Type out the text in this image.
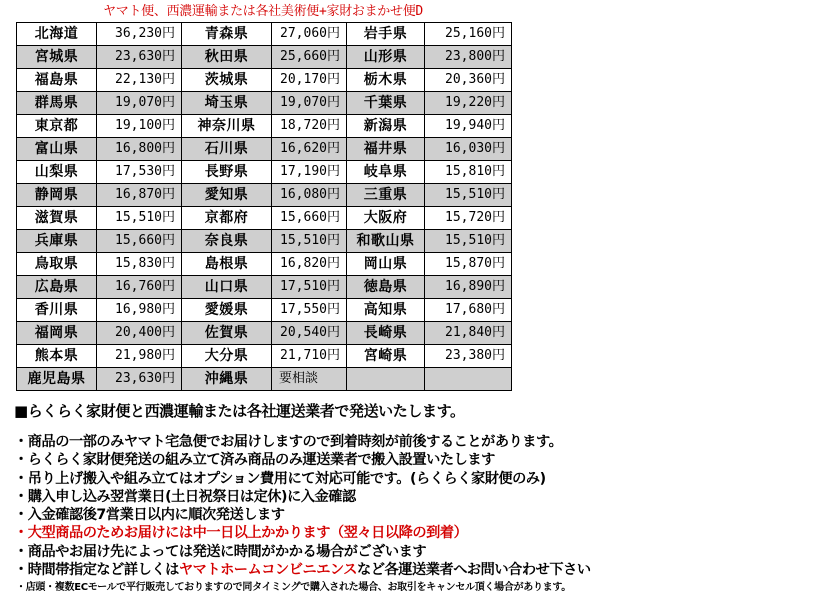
ヤマト便、西濃運輸または各社美術便+家財おまかせ便D
北海道	36,230円	青森県	27,060円	岩手県	25,160円
宮城県	23,630円	秋田県	25,660円	山形県	23,800円
福島県	22,130円	茨城県	20,170円	栃木県	20,360円
群馬県	19,070円	埼玉県	19,070円	千葉県	19,220円
東京都	19,100円	神奈川県	18,720円	新潟県	19,940円
富山県	16,800円	石川県	16,620円	福井県	16,030円
山梨県	17,530円	長野県	17,190円	岐阜県	15,810円
静岡県	16,870円	愛知県	16,080円	三重県	15,510円
滋賀県	15,510円	京都府	15,660円	大阪府	15,720円
兵庫県	15,660円	奈良県	15,510円	和歌山県	15,510円
鳥取県	15,830円	島根県	16,820円	岡山県	15,870円
広島県	16,760円	山口県	17,510円	徳島県	16,890円
香川県	16,980円	愛媛県	17,550円	高知県	17,680円
福岡県	20,400円	佐賀県	20,540円	長崎県	21,840円
熊本県	21,980円	大分県	21,710円	宮崎県	23,380円
鹿児島県	23,630円	沖縄県	要相談		
■らくらく家財便と西濃運輸または各社運送業者で発送いたします。
・商品の一部のみヤマト宅急便でお届けしますので到着時刻が前後することがあります。
・らくらく家財便発送の組み立て済み商品のみ運送業者で搬入設置いたします
・吊り上げ搬入や組み立てはオプション費用にて対応可能です。(らくらく家財便のみ)
・購入申し込み翌営業日(土日祝祭日は定休)に入金確認
・入金確認後7営業日以内に順次発送します
・大型商品のためお届けには中一日以上かかります（翌々日以降の到着）
・商品やお届け先によっては発送に時間がかかる場合がございます
・時間帯指定など詳しくはヤマトホームコンビニエンスなど各運送業者へお問い合わせ下さい
・店頭・複数ECモールで平行販売しておりますので同タイミングで購入された場合、お取引をキャンセル頂く場合があります。
